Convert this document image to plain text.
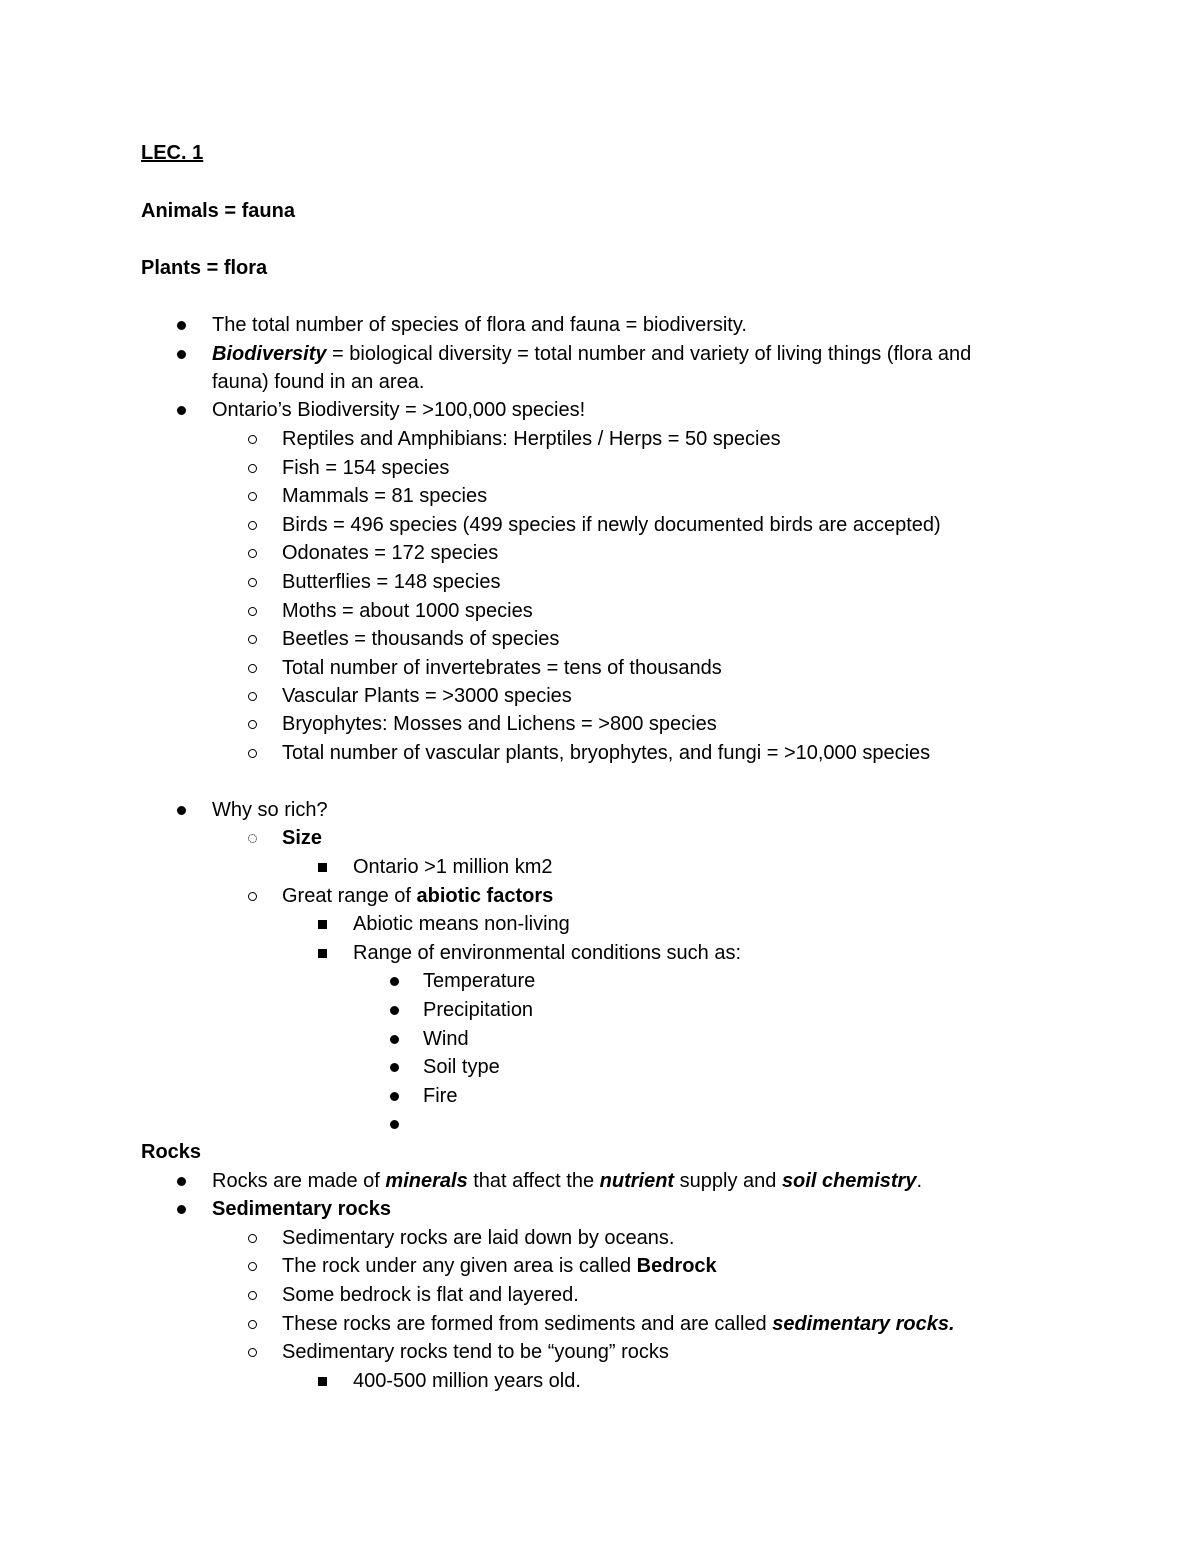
LEC. 1
Animals = fauna
Plants = flora
The total number of species of flora and fauna = biodiversity.
Biodiversity = biological diversity = total number and variety of living things (flora and
fauna) found in an area.
Ontario’s Biodiversity = >100,000 species!
Reptiles and Amphibians: Herptiles / Herps = 50 species
Fish = 154 species
Mammals = 81 species
Birds = 496 species (499 species if newly documented birds are accepted)
Odonates = 172 species
Butterflies = 148 species
Moths = about 1000 species
Beetles = thousands of species
Total number of invertebrates = tens of thousands
Vascular Plants = >3000 species
Bryophytes: Mosses and Lichens = >800 species
Total number of vascular plants, bryophytes, and fungi = >10,000 species
Why so rich?
Size
Ontario >1 million km2
Great range of abiotic factors
Abiotic means non-living
Range of environmental conditions such as:
Temperature
Precipitation
Wind
Soil type
Fire
Rocks
Rocks are made of minerals that affect the nutrient supply and soil chemistry.
Sedimentary rocks
Sedimentary rocks are laid down by oceans.
The rock under any given area is called Bedrock
Some bedrock is flat and layered.
These rocks are formed from sediments and are called sedimentary rocks.
Sedimentary rocks tend to be “young” rocks
400-500 million years old.
